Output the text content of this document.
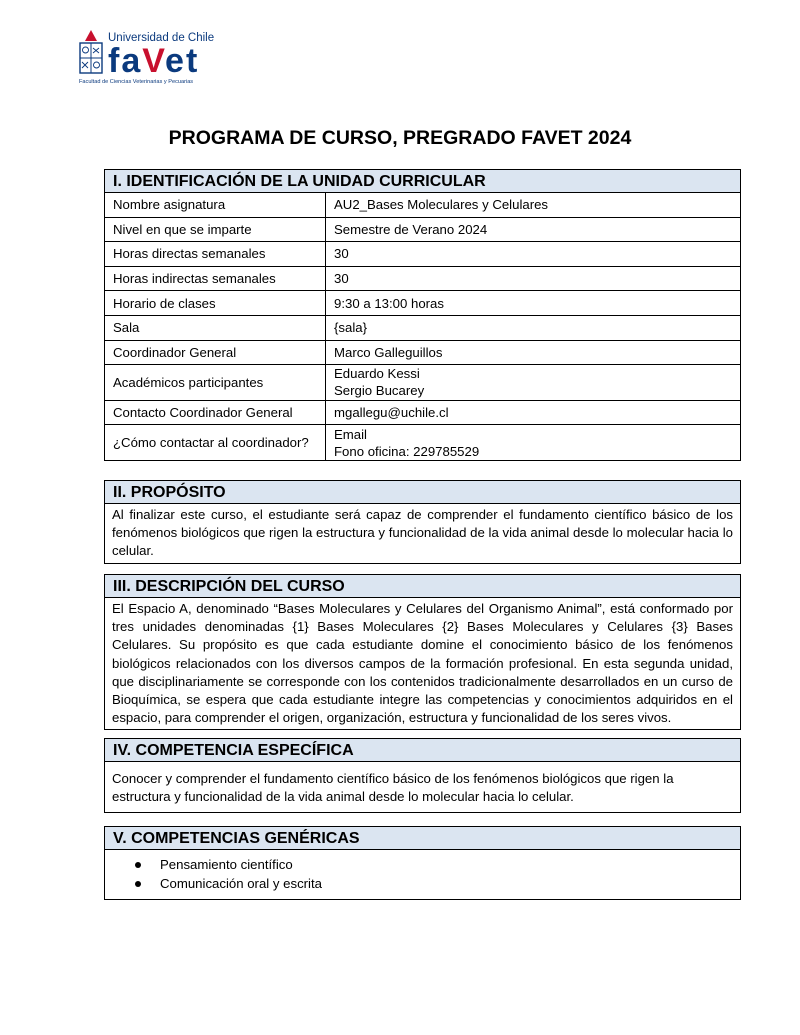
Universidad de Chile
faVet
Facultad de Ciencias Veterinarias y Pecuarias
PROGRAMA DE CURSO, PREGRADO FAVET 2024
I. IDENTIFICACIÓN DE LA UNIDAD CURRICULAR
Nombre asignatura	AU2_Bases Moleculares y Celulares

Nivel en que se imparte	Semestre de Verano 2024

Horas directas semanales	30

Horas indirectas semanales	30

Horario de clases	9:30 a 13:00 horas

Sala	{sala}

Coordinador General	Marco Galleguillos

Académicos participantes	Eduardo Kessi
Sergio Bucarey

Contacto Coordinador General	mgallegu@uchile.cl

¿Cómo contactar al coordinador?	Email
Fono oficina: 229785529
II. PROPÓSITO
Al finalizar este curso, el estudiante será capaz de comprender el fundamento científico básico de los fenómenos biológicos que rigen la estructura y funcionalidad de la vida animal desde lo molecular hacia lo celular.
III. DESCRIPCIÓN DEL CURSO
El Espacio A, denominado “Bases Moleculares y Celulares del Organismo Animal”, está conformado por tres unidades denominadas {1} Bases Moleculares {2} Bases Moleculares y Celulares {3} Bases Celulares. Su propósito es que cada estudiante domine el conocimiento básico de los fenómenos biológicos relacionados con los diversos campos de la formación profesional. En esta segunda unidad, que disciplinariamente se corresponde con los contenidos tradicionalmente desarrollados en un curso de Bioquímica, se espera que cada estudiante integre las competencias y conocimientos adquiridos en el espacio, para comprender el origen, organización, estructura y funcionalidad de los seres vivos.
IV. COMPETENCIA ESPECÍFICA
Conocer y comprender el fundamento científico básico de los fenómenos biológicos que rigen la estructura y funcionalidad de la vida animal desde lo molecular hacia lo celular.
V. COMPETENCIAS GENÉRICAS
Pensamiento científico
Comunicación oral y escrita
